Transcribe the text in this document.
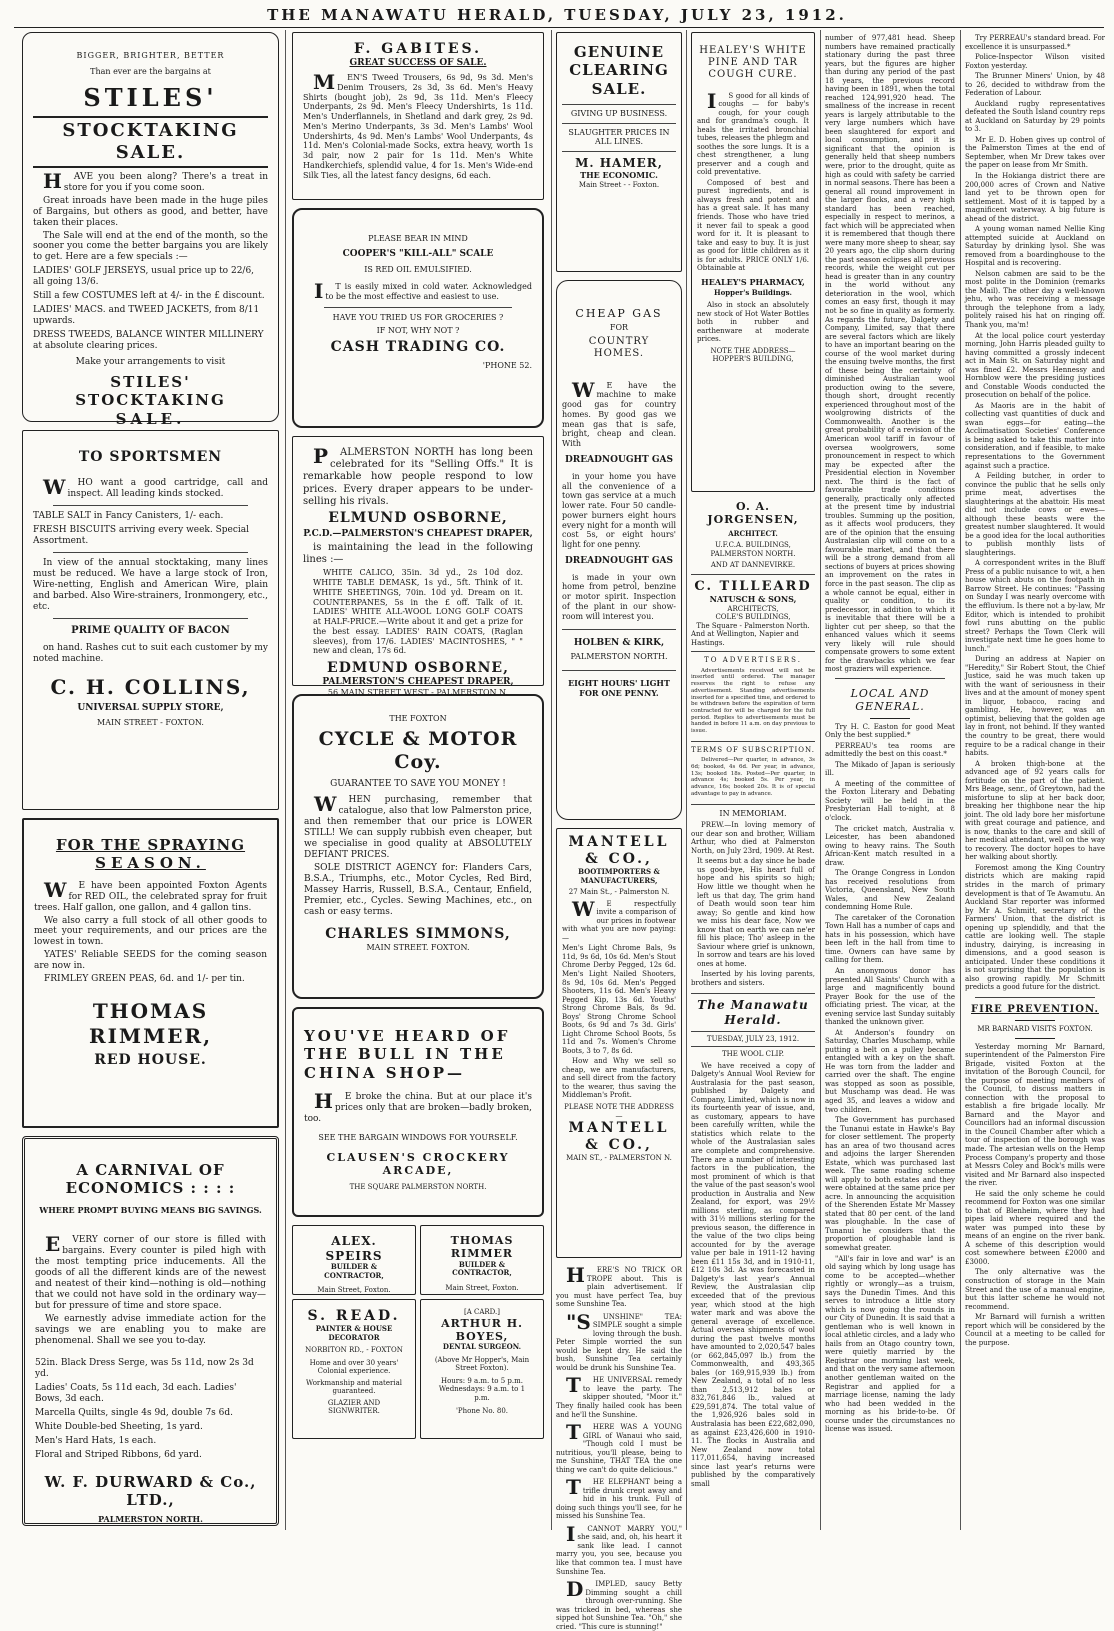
THE MANAWATU HERALD, TUESDAY, JULY 23, 1912.
BIGGER, BRIGHTER, BETTER
Than ever are the bargains at
STILES'
STOCKTAKING SALE.

HAVE you been along? There's a treat in store for you if you come soon.

Great inroads have been made in the huge piles of Bargains, but others as good, and better, have taken their places.

The Sale will end at the end of the month, so the sooner you come the better bargains you are likely to get. Here are a few specials :—

LADIES' GOLF JERSEYS, usual price up to 22/6, all going 13/6.
Still a few COSTUMES left at 4/- in the £ discount.
LADIES' MACS. and TWEED JACKETS, from 8/11 upwards.
DRESS TWEEDS, BALANCE WINTER MILLINERY at absolute clearing prices.
Make your arrangements to visit
STILES' STOCKTAKING
SALE.
TO SPORTSMEN

WHO want a good cartridge, call and inspect. All leading kinds stocked.

TABLE SALT in Fancy Canisters, 1/- each.
FRESH BISCUITS arriving every week. Special Assortment.

In view of the annual stocktaking, many lines must be reduced. We have a large stock of Iron, Wire-netting, English and American Wire, plain and barbed. Also Wire-strainers, Ironmongery, etc., etc.

PRIME QUALITY OF BACON

on hand. Rashes cut to suit each customer by my noted machine.

C. H. COLLINS,
UNIVERSAL SUPPLY STORE,
MAIN STREET - FOXTON.
FOR THE SPRAYING
SEASON.

WE have been appointed Foxton Agents for RED OIL, the celebrated spray for fruit trees. Half gallon, one gallon, and 4 gallon tins.

We also carry a full stock of all other goods to meet your requirements, and our prices are the lowest in town.

YATES' Reliable SEEDS for the coming season are now in.

FRIMLEY GREEN PEAS, 6d. and 1/- per tin.

THOMAS RIMMER,
RED HOUSE.
A CARNIVAL OF ECONOMICS : : : :
WHERE PROMPT BUYING MEANS BIG SAVINGS.

EVERY corner of our store is filled with bargains. Every counter is piled high with the most tempting price inducements. All the goods of all the different kinds are of the newest and neatest of their kind—nothing is old—nothing that we could not have sold in the ordinary way—but for pressure of time and store space.

We earnestly advise immediate action for the savings we are enabling you to make are phenomenal. Shall we see you to-day.

52in. Black Dress Serge, was 5s 11d, now 2s 3d yd.
Ladies' Coats, 5s 11d each, 3d each. Ladies' Bows, 3d each.
Marcella Quilts, single 4s 9d, double 7s 6d.
White Double-bed Sheeting, 1s yard.
Men's Hard Hats, 1s each.
Floral and Striped Ribbons, 6d yard.
W. F. DURWARD & Co., LTD.,
PALMERSTON NORTH.
F. GABITES.
GREAT SUCCESS OF SALE.

MEN'S Tweed Trousers, 6s 9d, 9s 3d. Men's Denim Trousers, 2s 3d, 3s 6d. Men's Heavy Shirts (bought job), 2s 9d, 3s 11d. Men's Fleecy Underpants, 2s 9d. Men's Fleecy Undershirts, 1s 11d. Men's Underflannels, in Shetland and dark grey, 2s 9d. Men's Merino Underpants, 3s 3d. Men's Lambs' Wool Undershirts, 4s 9d. Men's Lambs' Wool Underpants, 4s 11d. Men's Colonial-made Socks, extra heavy, worth 1s 3d pair, now 2 pair for 1s 11d. Men's White Handkerchiefs, splendid value, 4 for 1s. Men's Wide-end Silk Ties, all the latest fancy designs, 6d each.

PLEASE BEAR IN MIND
COOPER'S "KILL-ALL" SCALE
IS RED OIL EMULSIFIED.

IT is easily mixed in cold water. Acknowledged to be the most effective and easiest to use.

HAVE YOU TRIED US FOR GROCERIES ?
IF NOT, WHY NOT ?
CASH TRADING CO.
'PHONE 52.

PALMERSTON NORTH has long been celebrated for its "Selling Offs." It is remarkable how people respond to low prices. Every draper appears to be under-selling his rivals.

ELMUND OSBORNE,
P.C.D.—PALMERSTON'S CHEAPEST DRAPER,

is maintaining the lead in the following lines :—

WHITE CALICO, 35in. 3d yd., 2s 10d doz. WHITE TABLE DEMASK, 1s yd., 5ft. Think of it. WHITE SHEETINGS, 70in. 10d yd. Dream on it. COUNTERPANES, 5s in the £ off. Talk of it. LADIES' WHITE ALL-WOOL LONG GOLF COATS at HALF-PRICE.—Write about it and get a prize for the best essay. LADIES' RAIN COATS, (Raglan sleeves), from 17/6. LADIES' MACINTOSHES, " " new and clean, 17s 6d.

EDMUND OSBORNE,
PALMERSTON'S CHEAPEST DRAPER,
56 MAIN STREET WEST - PALMERSTON N.
THE FOXTON
CYCLE & MOTOR Coy.
GUARANTEE TO SAVE YOU MONEY !

WHEN purchasing, remember that catalogue, also that low Palmerston price, and then remember that our price is LOWER STILL! We can supply rubbish even cheaper, but we specialise in good quality at ABSOLUTELY DEFIANT PRICES.

SOLE DISTRICT AGENCY for: Flanders Cars, B.S.A., Triumphs, etc., Motor Cycles, Red Bird, Massey Harris, Russell, B.S.A., Centaur, Enfield, Premier, etc., Cycles. Sewing Machines, etc., on cash or easy terms.

CHARLES SIMMONS,
MAIN STREET. FOXTON.
YOU'VE HEARD OF THE BULL IN THE CHINA SHOP—

HE broke the china. But at our place it's prices only that are broken—badly broken, too.

SEE THE BARGAIN WINDOWS FOR YOURSELF.
CLAUSEN'S CROCKERY ARCADE,
THE SQUARE PALMERSTON NORTH.
ALEX. SPEIRS
BUILDER & CONTRACTOR,
Main Street, Foxton.
S. READ.
PAINTER & HOUSE DECORATOR
NORBITON RD., - FOXTON
Home and over 30 years' Colonial experience.
Workmanship and material guaranteed.
GLAZIER AND SIGNWRITER.
THOMAS RIMMER
BUILDER & CONTRACTOR,
Main Street, Foxton.
[A CARD.]
ARTHUR H. BOYES,
DENTAL SURGEON.
(Above Mr Hopper's, Main Street Foxton).
Hours: 9 a.m. to 5 p.m. Wednesdays: 9 a.m. to 1 p.m.
'Phone No. 80.
GENUINE
CLEARING
SALE.
GIVING UP BUSINESS.
SLAUGHTER PRICES IN ALL LINES.
M. HAMER,
THE ECONOMIC.
Main Street - - Foxton.
CHEAP GAS
FOR
COUNTRY HOMES.

WE have the machine to make good gas for country homes. By good gas we mean gas that is safe, bright, cheap and clean. With

DREADNOUGHT GAS

in your home you have all the convenience of a town gas service at a much lower rate. Four 50 candle-power burners eight hours every night for a month will cost 5s, or eight hours' light for one penny.

DREADNOUGHT GAS

is made in your own home from petrol, benzine or motor spirit. Inspection of the plant in our show-room will interest you.

HOLBEN & KIRK,
PALMERSTON NORTH.
EIGHT HOURS' LIGHT FOR ONE PENNY.
MANTELL & CO.,
BOOTIMPORTERS & MANUFACTURERS,
27 Main St., - Palmerston N.

WE respectfully invite a comparison of our prices in footwear with what you are now paying:—

Men's Light Chrome Bals, 9s 11d, 9s 6d, 10s 6d. Men's Stout Chrome Derby Pegged, 12s 6d. Men's Light Nailed Shooters, 8s 9d, 10s 6d. Men's Pegged Shooters, 11s 6d. Men's Heavy Pegged Kip, 13s 6d. Youths' Strong Chrome Bals, 8s 9d. Boys' Strong Chrome School Boots, 6s 9d and 7s 3d. Girls' Light Chrome School Boots, 5s 11d and 7s. Women's Chrome Boots, 3 to 7, 8s 6d.

How and Why we sell so cheap, we are manufacturers, and sell direct from the factory to the wearer, thus saving the Middleman's Profit.

PLEASE NOTE THE ADDRESS—
MANTELL & CO.,
MAIN ST., - PALMERSTON N.

HERE'S NO TRICK OR TROPE about. This is plain advertisement. If you must have perfect Tea, buy some Sunshine Tea.

"SUNSHINE" TEA: SIMPLE sought a simple loving through the bush. Peter Simple worried the sun would be kept dry. He said the bush, Sunshine Tea certainly would be drunk his Sunshine Tea.

THE UNIVERSAL remedy to leave the party. The skipper shouted, "Moor it." They finally hailed cook has been and he'll the Sunshine.

THERE WAS A YOUNG GIRL of Wanaui who said, "Though cold I must be nutritious, you'll please, being to me Sunshine, THAT TEA the one thing we can't do quite delicious."

THE ELEPHANT being a trifle drunk crept away and hid in his trunk. Full of doing such things you'll see, for he missed his Sunshine Tea.

ICANNOT MARRY YOU," she said, and, oh, his heart it sank like lead. I cannot marry you, you see, because you like that common tea. I must have Sunshine Tea.

DIMPLED, saucy Betty Dimming sought a chill through over-running. She was tricked in bed, whereas she sipped hot Sunshine Tea. "Oh," she cried. "This cure is stunning!"

HEALEY'S WHITE
PINE AND TAR
COUGH CURE.

IS good for all kinds of coughs — for baby's cough, for your cough and for grandma's cough. It heals the irritated bronchial tubes, releases the phlegm and soothes the sore lungs. It is a chest strengthener, a lung preserver and a cough and cold preventative.

Composed of best and purest ingredients, and is always fresh and potent and has a great sale. It has many friends. Those who have tried it never fail to speak a good word for it. It is pleasant to take and easy to buy. It is just as good for little children as it is for adults. PRICE ONLY 1/6. Obtainable at

HEALEY'S PHARMACY,
Hopper's Buildings.

Also in stock an absolutely new stock of Hot Water Bottles both in rubber and earthenware at moderate prices.

NOTE THE ADDRESS—
HOPPER'S BUILDING,
O. A. JORGENSEN,
ARCHITECT.
U.F.C.A. BUILDINGS, PALMERSTON NORTH.
AND AT DANNEVIRKE.
C. TILLEARD
NATUSCH & SONS,
ARCHITECTS,
COLE'S BUILDINGS,
The Square - Palmerston North.
And at Wellington, Napier and Hastings.
TO ADVERTISERS.

Advertisements received will not be inserted until ordered. The manager reserves the right to refuse any advertisement. Standing advertisements inserted for a specified time, and ordered to be withdrawn before the expiration of term contracted for will be charged for the full period. Replies to advertisements must be handed in before 11 a.m. on day previous to issue.

TERMS OF SUBSCRIPTION.

Delivered—Per quarter, in advance, 3s 6d; booked, 4s 6d. Per year, in advance, 13s; booked 18s. Posted—Per quarter, in advance 4s; booked 5s. Per year, in advance, 16s; booked 20s. It is of special advantage to pay in advance.

IN MEMORIAM.

PREW.—In loving memory of our dear son and brother, William Arthur, who died at Palmerston North, on July 23rd, 1909. At Rest.

It seems but a day since he bade us good-bye, His heart full of hope and his spirits so high; How little we thought when he left us that day, The grim hand of Death would soon tear him away; So gentle and kind how we miss his dear face, Now we know that on earth we can ne'er fill his place; Tho' asleep in the Saviour where grief is unknown, In sorrow and tears are his loved ones at home.

Inserted by his loving parents, brothers and sisters.

The Manawatu Herald.
TUESDAY, JULY 23, 1912.
THE WOOL CLIP.

We have received a copy of Dalgety's Annual Wool Review for Australasia for the past season, published by Dalgety and Company, Limited, which is now in its fourteenth year of issue, and, as customary, appears to have been carefully written, while the statistics which relate to the whole of the Australasian sales are complete and comprehensive. There are a number of interesting factors in the publication, the most prominent of which is that the value of the past season's wool production in Australia and New Zealand, for export, was 29½ millions sterling, as compared with 31½ millions sterling for the previous season, the difference in the value of the two clips being accounted for by the average value per bale in 1911-12 having been £11 15s 3d, and in 1910-11, £12 10s 3d. As was forecasted in Dalgety's last year's Annual Review, the Australasian clip exceeded that of the previous year, which stood at the high water mark and was above the general average of excellence. Actual oversea shipments of wool during the past twelve months have amounted to 2,020,547 bales (or 662,845,097 lb.) from the Commonwealth, and 493,365 bales (or 169,915,939 lb.) from New Zealand, a total of no less than 2,513,912 bales or 832,761,846 lb., valued at £29,591,874. The total value of the 1,926,926 bales sold in Australasia has been £22,682,090, as against £23,426,600 in 1910-11. The flocks in Australia and New Zealand now total 117,011,654, having increased since last year's returns were published by the comparatively small

number of 977,481 head. Sheep numbers have remained practically stationary during the past three years, but the figures are higher than during any period of the past 18 years, the previous record having been in 1891, when the total reached 124,991,920 head. The smallness of the increase in recent years is largely attributable to the very large numbers which have been slaughtered for export and local consumption, and it is significant that the opinion is generally held that sheep numbers were, prior to the drought, quite as high as could with safety be carried in normal seasons. There has been a general all round improvement in the larger flocks, and a very high standard has been reached, especially in respect to merinos, a fact which will be appreciated when it is remembered that though there were many more sheep to shear, say 20 years ago, the clip shorn during the past season eclipses all previous records, while the weight cut per head is greater than in any country in the world without any deterioration in the wool, which comes an easy first, though it may not be so fine in quality as formerly. As regards the future, Dalgety and Company, Limited, say that there are several factors which are likely to have an important bearing on the course of the wool market during the ensuing twelve months, the first of these being the certainty of diminished Australian wool production owing to the severe, though short, drought recently experienced throughout most of the woolgrowing districts of the Commonwealth. Another is the great probability of a revision of the American wool tariff in favour of oversea woolgrowers, some pronouncement in respect to which may be expected after the Presidential election in November next. The third is the fact of favourable trade conditions generally, practically only affected at the present time by industrial troubles. Summing up the position, as it affects wool producers, they are of the opinion that the ensuing Australasian clip will come on to a favourable market, and that there will be a strong demand from all sections of buyers at prices showing an improvement on the rates in force in the past season. The clip as a whole cannot be equal, either in quality or condition, to its predecessor, in addition to which it is inevitable that there will be a lighter cut per sheep, so that the enhanced values which it seems very likely will rule should compensate growers to some extent for the drawbacks which we fear most graziers will experience.

LOCAL AND GENERAL.

Try H. C. Easton for good Meat Only the best supplied.*

PERREAU's tea rooms are admittedly the best on this coast.*

The Mikado of Japan is seriously ill.

A meeting of the committee of the Foxton Literary and Debating Society will be held in the Presbyterian Hall to-night, at 8 o'clock.

The cricket match, Australia v. Leicester, has been abandoned owing to heavy rains. The South African-Kent match resulted in a draw.

The Orange Congress in London has received resolutions from Victoria, Queensland, New South Wales, and New Zealand condemning Home Rule.

The caretaker of the Coronation Town Hall has a number of caps and hats in his possession, which have been left in the hall from time to time. Owners can have same by calling for them.

An anonymous donor has presented All Saints' Church with a large and magnificently bound Prayer Book for the use of the officiating priest. The vicar, at the evening service last Sunday suitably thanked the unknown giver.

At Anderson's foundry on Saturday, Charles Muschamp, while putting a belt on a pulley became entangled with a key on the shaft. He was torn from the ladder and carried over the shaft. The engine was stopped as soon as possible, but Muschamp was dead. He was aged 35, and leaves a widow and two children.

The Government has purchased the Tunanui estate in Hawke's Bay for closer settlement. The property has an area of two thousand acres and adjoins the larger Sherenden Estate, which was purchased last week. The same roading scheme will apply to both estates and they were obtained at the same price per acre. In announcing the acquisition of the Sherenden Estate Mr Massey stated that 80 per cent. of the land was ploughable. In the case of Tunanui he considers that the proportion of ploughable land is somewhat greater.

"All's fair in love and war" is an old saying which by long usage has come to be accepted—whether rightly or wrongly—as a truism, says the Dunedin Times. And this serves to introduce a little story which is now going the rounds in our City of Dunedin. It is said that a gentleman who is well known in local athletic circles, and a lady who hails from an Otago country town, were quietly married by the Registrar one morning last week, and that on the very same afternoon another gentleman waited on the Registrar and applied for a marriage license, naming the lady who had been wedded in the morning as his bride-to-be. Of course under the circumstances no license was issued.

Try PERREAU's standard bread. For excellence it is unsurpassed.*

Police-Inspector Wilson visited Foxton yesterday.

The Brunner Miners' Union, by 48 to 26, decided to withdraw from the Federation of Labour.

Auckland rugby representatives defeated the South Island country reps at Auckland on Saturday by 29 points to 3.

Mr E. D. Hoben gives up control of the Palmerston Times at the end of September, when Mr Drew takes over the paper on lease from Mr Smith.

In the Hokianga district there are 200,000 acres of Crown and Native land yet to be thrown open for settlement. Most of it is tapped by a magnificent waterway. A big future is ahead of the district.

A young woman named Nellie King attempted suicide at Auckland on Saturday by drinking lysol. She was removed from a boardinghouse to the Hospital and is recovering.

Nelson cabmen are said to be the most polite in the Dominion (remarks the Mail). The other day a well-known jehu, who was receiving a message through the telephone from a lady, politely raised his hat on ringing off. Thank you, ma'm!

At the local police court yesterday morning, John Harris pleaded guilty to having committed a grossly indecent act in Main St. on Saturday night and was fined £2. Messrs Hennessy and Hornblow were the presiding justices and Constable Woods conducted the prosecution on behalf of the police.

As Maoris are in the habit of collecting vast quantities of duck and swan eggs—for eating—the Acclimatisation Societies' Conference is being asked to take this matter into consideration, and if feasible, to make representations to the Government against such a practice.

A Feilding butcher, in order to convince the public that he sells only prime meat, advertises the slaughterings at the abattoir. His meat did not include cows or ewes—although these beasts were the greatest number slaughtered. It would be a good idea for the local authorities to publish monthly lists of slaughterings.

A correspondent writes in the Bluff Press of a public nuisance to wit, a hen house which abuts on the footpath in Barrow Street. He continues: "Passing on Sunday I was nearly overcome with the effluvium. Is there not a by-law, Mr Editor, which is intended to prohibit fowl runs abutting on the public street? Perhaps the Town Clerk will investigate next time he goes home to lunch."

During an address at Napier on "Heredity," Sir Robert Stout, the Chief Justice, said he was much taken up with the want of seriousness in their lives and at the amount of money spent in liquor, tobacco, racing and gambling. He, however, was an optimist, believing that the golden age lay in front, not behind. If they wanted the country to be great, there would require to be a radical change in their habits.

A broken thigh-bone at the advanced age of 92 years calls for fortitude on the part of the patient. Mrs Beage, senr., of Greytown, had the misfortune to slip at her back door, breaking her thighbone near the hip joint. The old lady bore her misfortune with great courage and patience, and is now, thanks to the care and skill of her medical attendant, well on the way to recovery. The doctor hopes to have her walking about shortly.

Foremost among the King Country districts which are making rapid strides in the march of primary development is that of Te Awamutu. An Auckland Star reporter was informed by Mr A. Schmitt, secretary of the Farmers' Union, that the district is opening up splendidly, and that the cattle are looking well. The staple industry, dairying, is increasing in dimensions, and a good season is anticipated. Under these conditions it is not surprising that the population is also growing rapidly. Mr Schmitt predicts a good future for the district.

FIRE PREVENTION.
MR BARNARD VISITS FOXTON.

Yesterday morning Mr Barnard, superintendent of the Palmerston Fire Brigade, visited Foxton at the invitation of the Borough Council, for the purpose of meeting members of the Council, to discuss matters in connection with the proposal to establish a fire brigade locally. Mr Barnard and the Mayor and Councillors had an informal discussion in the Council Chamber after which a tour of inspection of the borough was made. The artesian wells on the Hemp Process Company's property and those at Messrs Coley and Bock's mills were visited and Mr Barnard also inspected the river.

He said the only scheme he could recommend for Foxton was one similar to that of Blenheim, where they had pipes laid where required and the water was pumped into these by means of an engine on the river bank. A scheme of this description would cost somewhere between £2000 and £3000.

The only alternative was the construction of storage in the Main Street and the use of a manual engine, but this latter scheme he would not recommend.

Mr Barnard will furnish a written report which will be considered by the Council at a meeting to be called for the purpose.
